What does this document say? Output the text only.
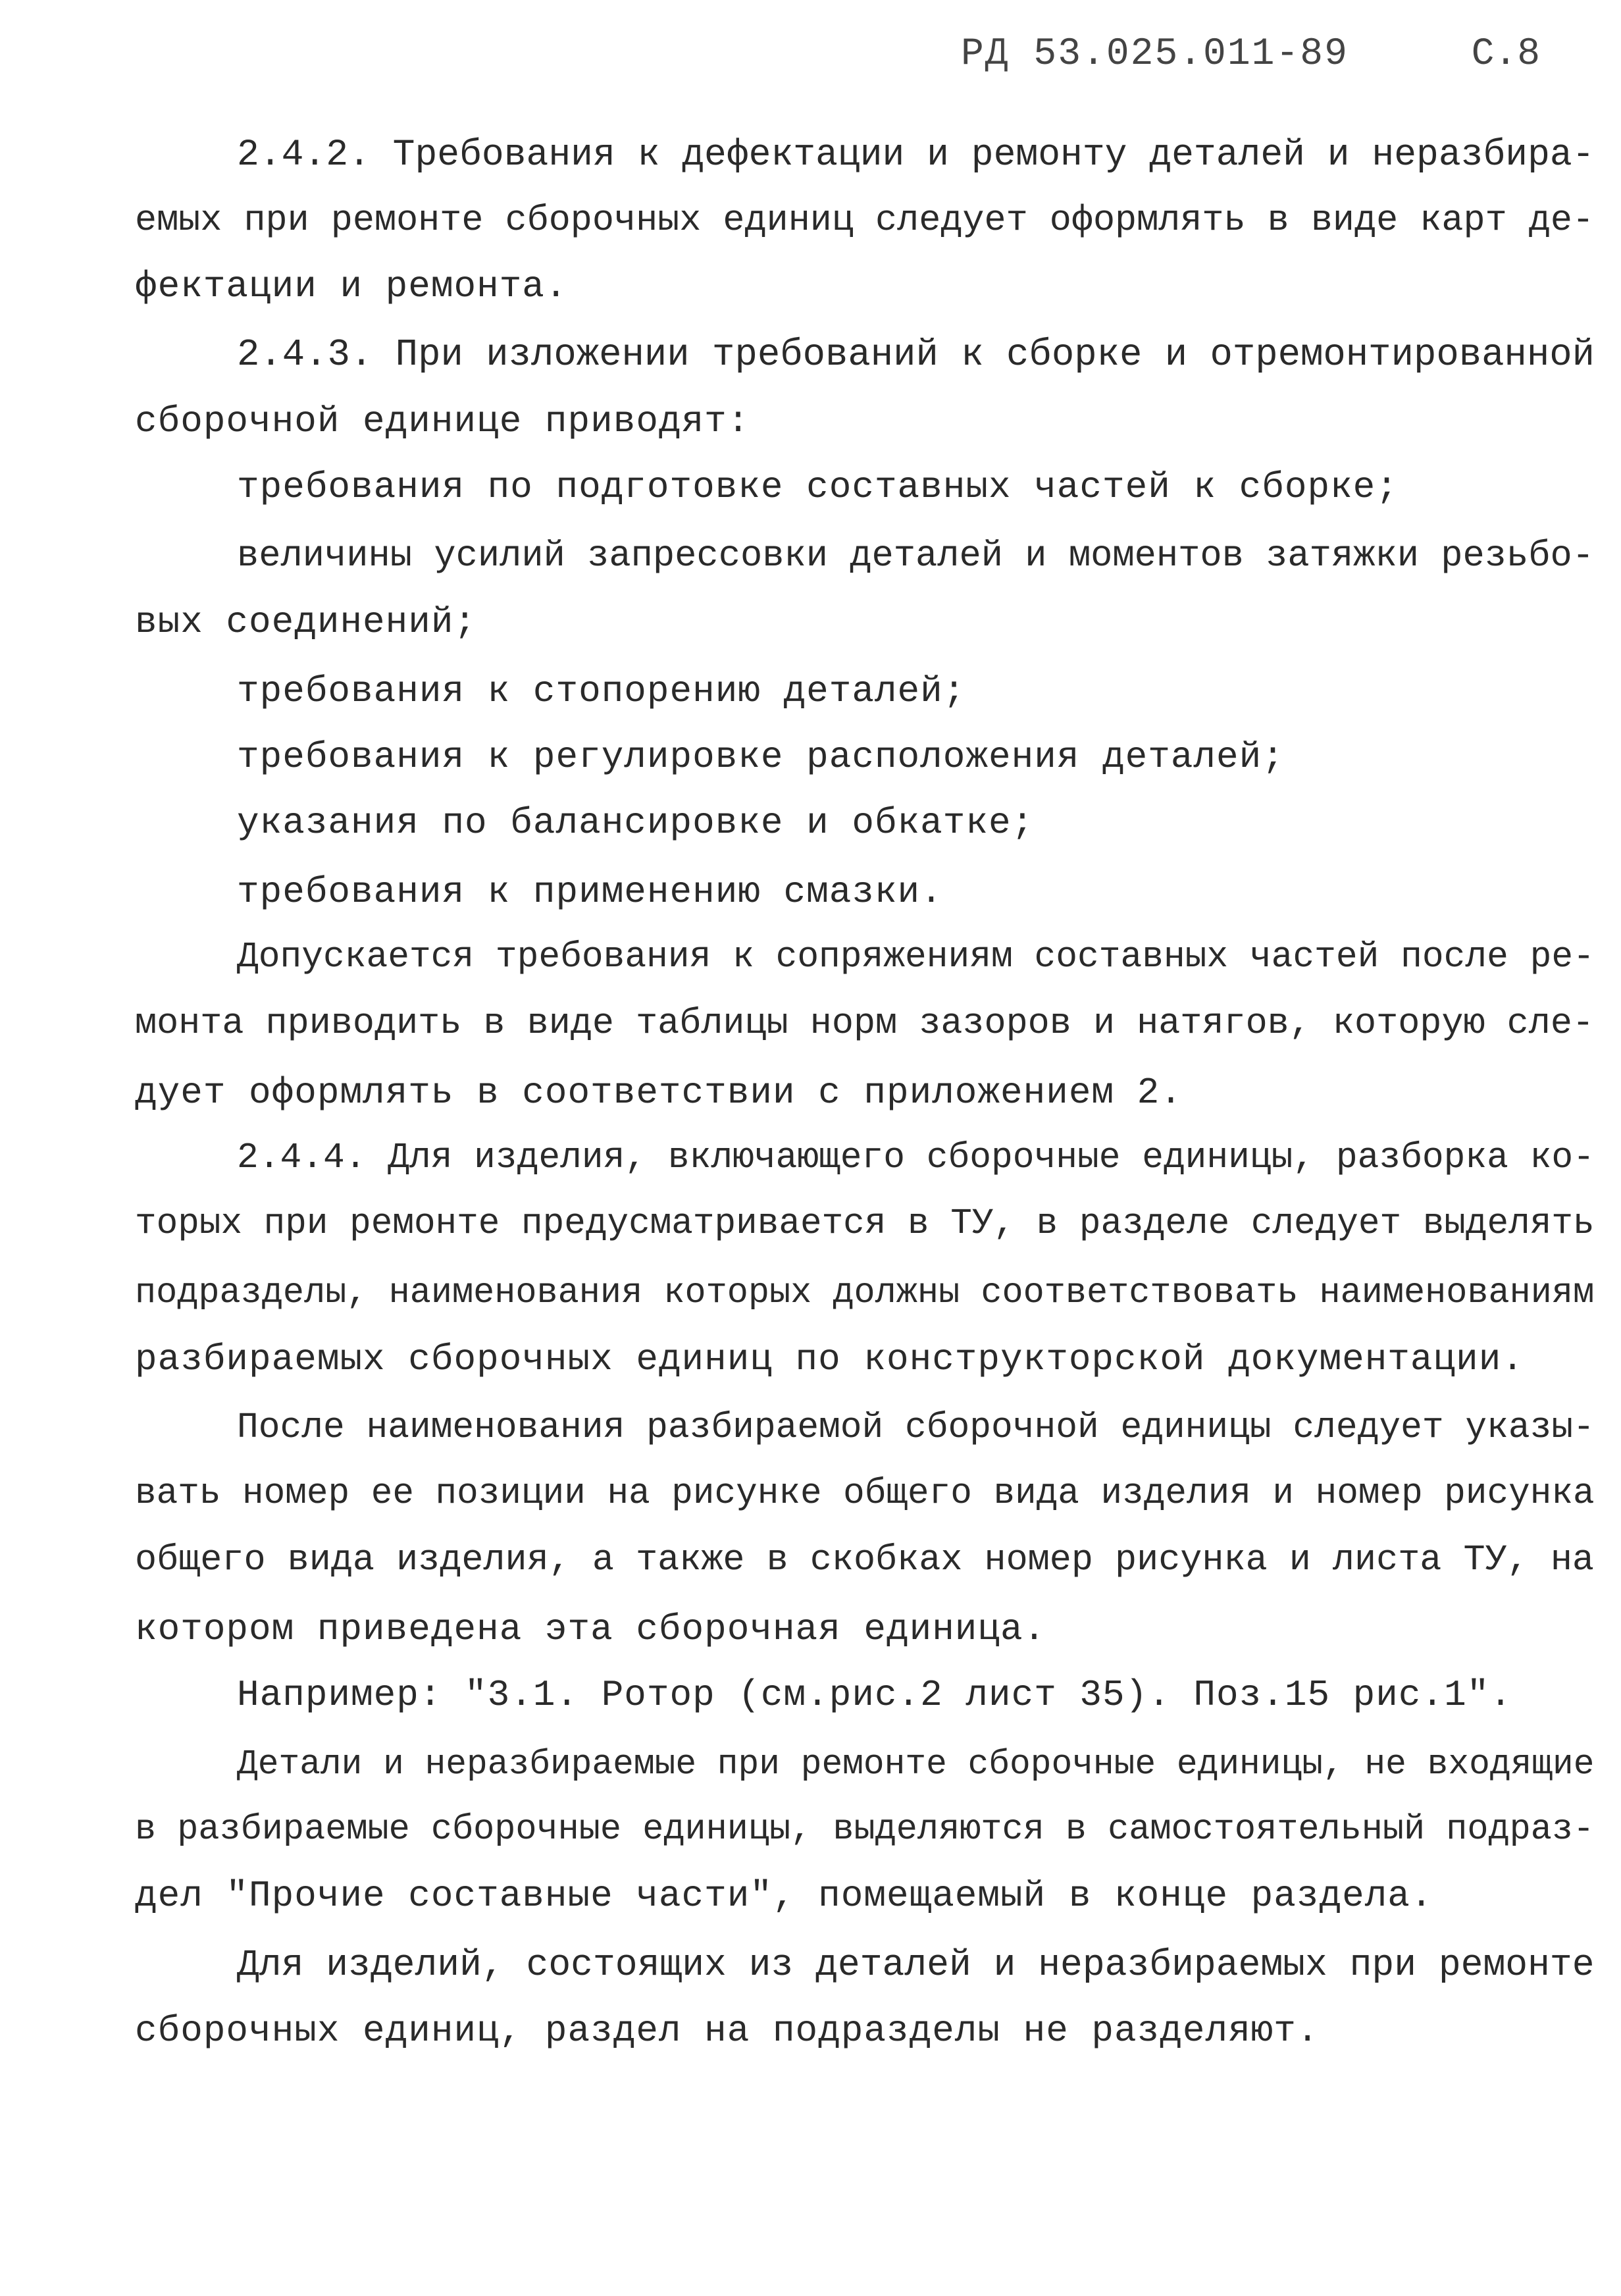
РД 53.025.011-89	С.8
2.4.2. Требования к дефектации и ремонту деталей и неразбира-
емых при ремонте сборочных единиц следует оформлять в виде карт де-
фектации и ремонта.
2.4.3. При изложении требований к сборке и отремонтированной
сборочной единице приводят:
требования по подготовке составных частей к сборке;
величины усилий запрессовки деталей и моментов затяжки резьбо-
вых соединений;
требования к стопорению деталей;
требования к регулировке расположения деталей;
указания по балансировке и обкатке;
требования к применению смазки.
Допускается требования к сопряжениям составных частей после ре-
монта приводить в виде таблицы норм зазоров и натягов, которую сле-
дует оформлять в соответствии с приложением 2.
2.4.4. Для изделия, включающего сборочные единицы, разборка ко-
торых при ремонте предусматривается в ТУ, в разделе следует выделять
подразделы, наименования которых должны соответствовать наименованиям
разбираемых сборочных единиц по конструкторской документации.
После наименования разбираемой сборочной единицы следует указы-
вать номер ее позиции на рисунке общего вида изделия и номер рисунка
общего вида изделия, а также в скобках номер рисунка и листа ТУ, на
котором приведена эта сборочная единица.
Например: "3.1. Ротор (см.рис.2 лист 35). Поз.15 рис.1".
Детали и неразбираемые при ремонте сборочные единицы, не входящие
в разбираемые сборочные единицы, выделяются в самостоятельный подраз-
дел "Прочие составные части", помещаемый в конце раздела.
Для изделий, состоящих из деталей и неразбираемых при ремонте
сборочных единиц, раздел на подразделы не разделяют.
